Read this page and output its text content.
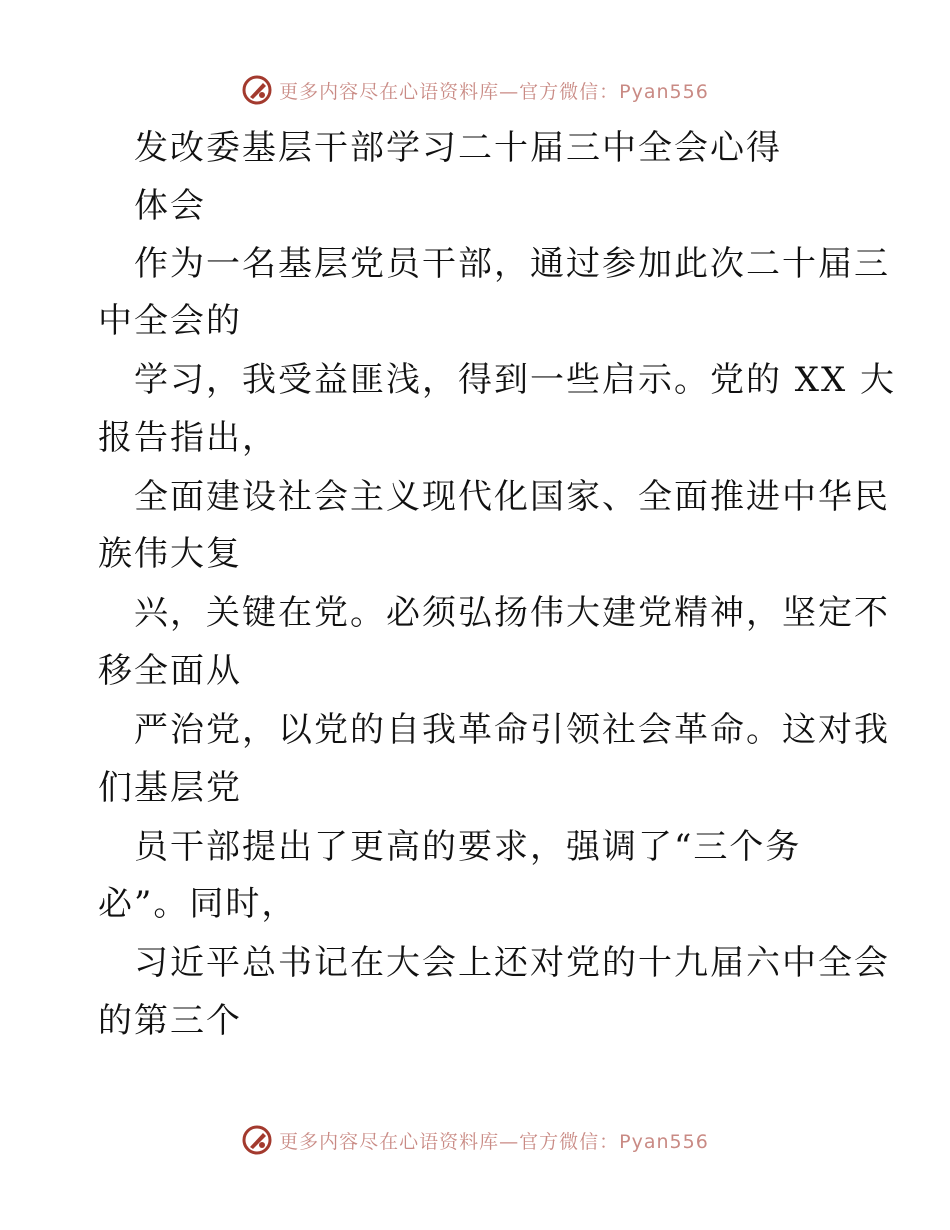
更多内容尽在心语资料库—官方微信：Pyan556
发改委基层干部学习二十届三中全会心得
体会
作为一名基层党员干部，通过参加此次二十届三
中全会的
学习，我受益匪浅，得到一些启示。党的 XX 大
报告指出，
全面建设社会主义现代化国家、全面推进中华民
族伟大复
兴，关键在党。必须弘扬伟大建党精神，坚定不
移全面从
严治党，以党的自我革命引领社会革命。这对我
们基层党
员干部提出了更高的要求，强调了“三个务
必”。同时，
习近平总书记在大会上还对党的十九届六中全会
的第三个
更多内容尽在心语资料库—官方微信：Pyan556
